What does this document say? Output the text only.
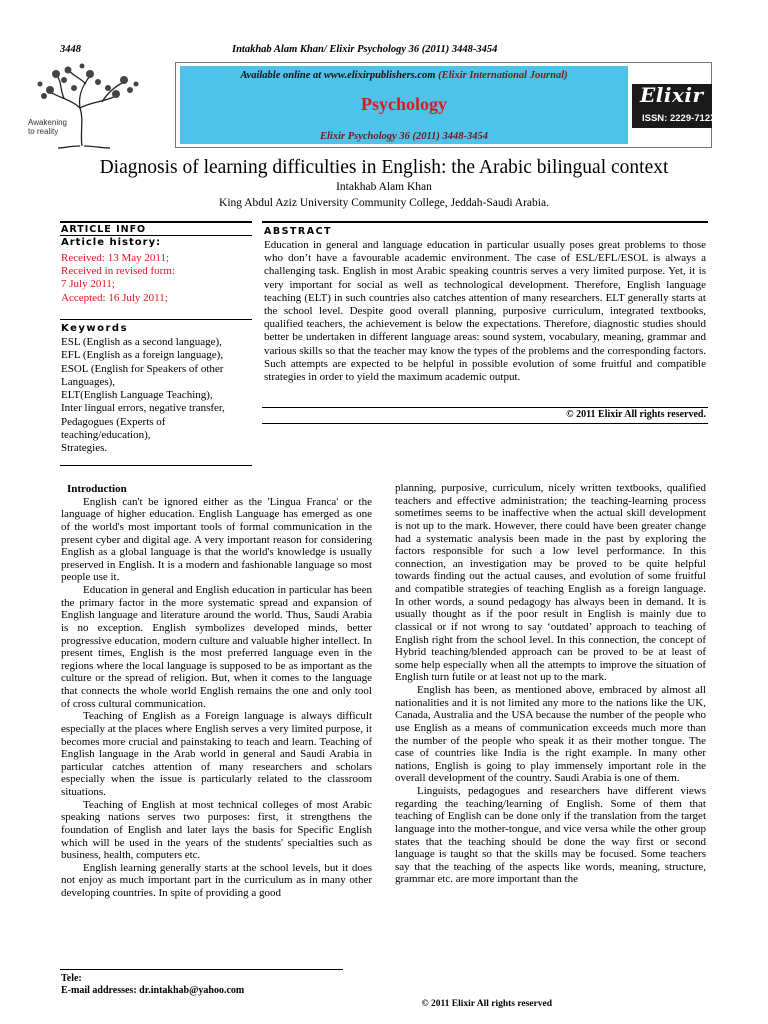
3448	Intakhab Alam Khan/ Elixir Psychology 36 (2011) 3448-3454
Awakening
to reality
Available online at www.elixirpublishers.com (Elixir International Journal)
Psychology
Elixir Psychology 36 (2011) 3448-3454
Elixir
ISSN: 2229-712X
Diagnosis of learning difficulties in English: the Arabic bilingual context
Intakhab Alam Khan
King Abdul Aziz University Community College, Jeddah-Saudi Arabia.
ARTICLE INFO
Article history:
Received: 13 May 2011;
Received in revised form:
7 July 2011;
Accepted: 16 July 2011;
Keywords
ESL (English as a second language),
EFL (English as a foreign language),
ESOL (English for Speakers of other
Languages),
ELT(English Language Teaching),
Inter lingual errors, negative transfer,
Pedagogues (Experts of
teaching/education),
Strategies.
ABSTRACT
Education in general and language education in particular usually poses great problems to those who don’t have a favourable academic environment. The case of ESL/EFL/ESOL is always a challenging task. English in most Arabic speaking countris serves a very limited purpose. Yet, it is very important for social as well as technological development. Therefore, English language teaching (ELT) in such countries also catches attention of many researchers. ELT generally starts at the school level. Despite good overall planning, purposive curriculum, integrated textbooks, qualified teachers, the achievement is below the expectations. Therefore, diagnostic studies should better be undertaken in different language areas: sound system, vocabulary, meaning, grammar and various skills so that the teacher may know the types of the problems and the corresponding factors. Such attempts are expected to be helpful in possible evolution of some fruitful and compatible strategies in order to yield the maximum academic output.
© 2011 Elixir All rights reserved.

Introduction

English can't be ignored either as the 'Lingua Franca' or the language of higher education. English Language has emerged as one of the world's most important tools of formal communication in the present cyber and digital age. A very important reason for considering English as a global language is that the world's knowledge is usually preserved in English. It is a modern and fashionable language so most people use it.

Education in general and English education in particular has been the primary factor in the more systematic spread and expansion of English language and literature around the world. Thus, Saudi Arabia is no exception. English symbolizes developed minds, better progressive education, modern culture and valuable higher intellect. In present times, English is the most preferred language even in the regions where the local language is supposed to be as important as the culture or the spread of religion. But, when it comes to the language that connects the whole world English remains the one and only tool of cross cultural communication.

Teaching of English as a Foreign language is always difficult especially at the places where English serves a very limited purpose, it becomes more crucial and painstaking to teach and learn. Teaching of English language in the Arab world in general and Saudi Arabia in particular catches attention of many researchers and scholars especially when the issue is particularly related to the classroom situations.

Teaching of English at most technical colleges of most Arabic speaking nations serves two purposes: first, it strengthens the foundation of English and later lays the basis for Specific English which will be used in the years of the students' specialties such as business, health, computers etc.

English learning generally starts at the school levels, but it does not enjoy as much important part in the curriculum as in many other developing countries. In spite of providing a good

planning, purposive, curriculum, nicely written textbooks, qualified teachers and effective administration; the teaching-learning process sometimes seems to be inaffective when the actual skill development is not up to the mark. However, there could have been greater change had a systematic analysis been made in the past by exploring the factors responsible for such a low level performance. In this connection, an investigation may be proved to be quite helpful towards finding out the actual causes, and evolution of some fruitful and compatible strategies of teaching English as a foreign language. In other words, a sound pedagogy has always been in demand. It is usually thought as if the poor result in English is mainly due to classical or if not wrong to say ‘outdated’ approach to teaching of English right from the school level. In this connection, the concept of Hybrid teaching/blended approach can be proved to be at least of some help especially when all the attempts to improve the situation of English turn futile or at least not up to the mark.

English has been, as mentioned above, embraced by almost all nationalities and it is not limited any more to the nations like the UK, Canada, Australia and the USA because the number of the people who use English as a means of communication exceeds much more than the number of the people who speak it as their mother tongue. The case of countries like India is the right example. In many other nations, English is going to play immensely important role in the overall development of the country. Saudi Arabia is one of them.

Linguists, pedagogues and researchers have different views regarding the teaching/learning of English. Some of them that teaching of English can be done only if the translation from the target language into the mother-tongue, and vice versa while the other group states that the teaching should be done the way first or second language is taught so that the skills may be focused. Some teachers say that the teaching of the aspects like words, meaning, structure, grammar etc. are more important than the

Tele:
E-mail addresses: dr.intakhab@yahoo.com
© 2011 Elixir All rights reserved
